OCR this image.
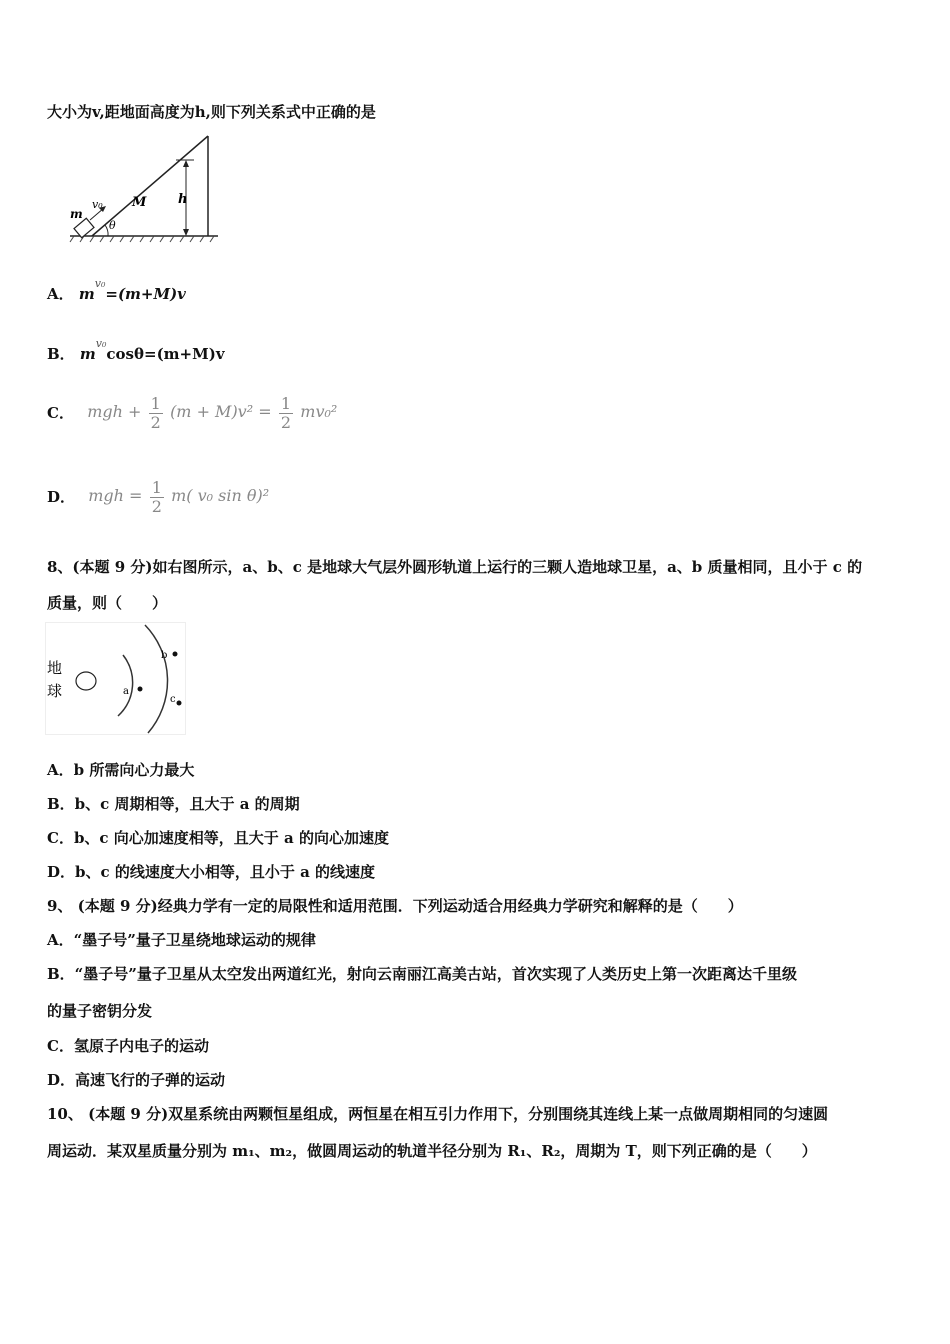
大小为v,距地面高度为h,则下列关系式中正确的是
m
v₀ M h
θ
A． $m^{v_0}=(m+M)v$
B． $m^{v_0}\cos\theta=(m+M)v$
C． mgh + $\frac{1}{2} (m + M)v^2 = \frac{1}{2} mv_0^2$
D． mgh = $\frac{1}{2} m$( v₀ sin θ)²
8、(本题 9 分)如右图所示，a、b、c 是地球大气层外圆形轨道上运行的三颗人造地球卫星，a、b 质量相同，且小于 c 的
质量，则（　　）
地
球	a
b
c
A．b 所需向心力最大
B．b、c 周期相等，且大于 a 的周期
C．b、c 向心加速度相等，且大于 a 的向心加速度
D．b、c 的线速度大小相等，且小于 a 的线速度
9、 (本题 9 分)经典力学有一定的局限性和适用范围．下列运动适合用经典力学研究和解释的是（　　）
A．“墨子号”量子卫星绕地球运动的规律
B．“墨子号”量子卫星从太空发出两道红光，射向云南丽江高美古站，首次实现了人类历史上第一次距离达千里级
的量子密钥分发
C．氢原子内电子的运动
D．高速飞行的子弹的运动
10、 (本题 9 分)双星系统由两颗恒星组成，两恒星在相互引力作用下，分别围绕其连线上某一点做周期相同的匀速圆
周运动．某双星质量分别为 m₁、m₂，做圆周运动的轨道半径分别为 R₁、R₂，周期为 T，则下列正确的是（　　）
